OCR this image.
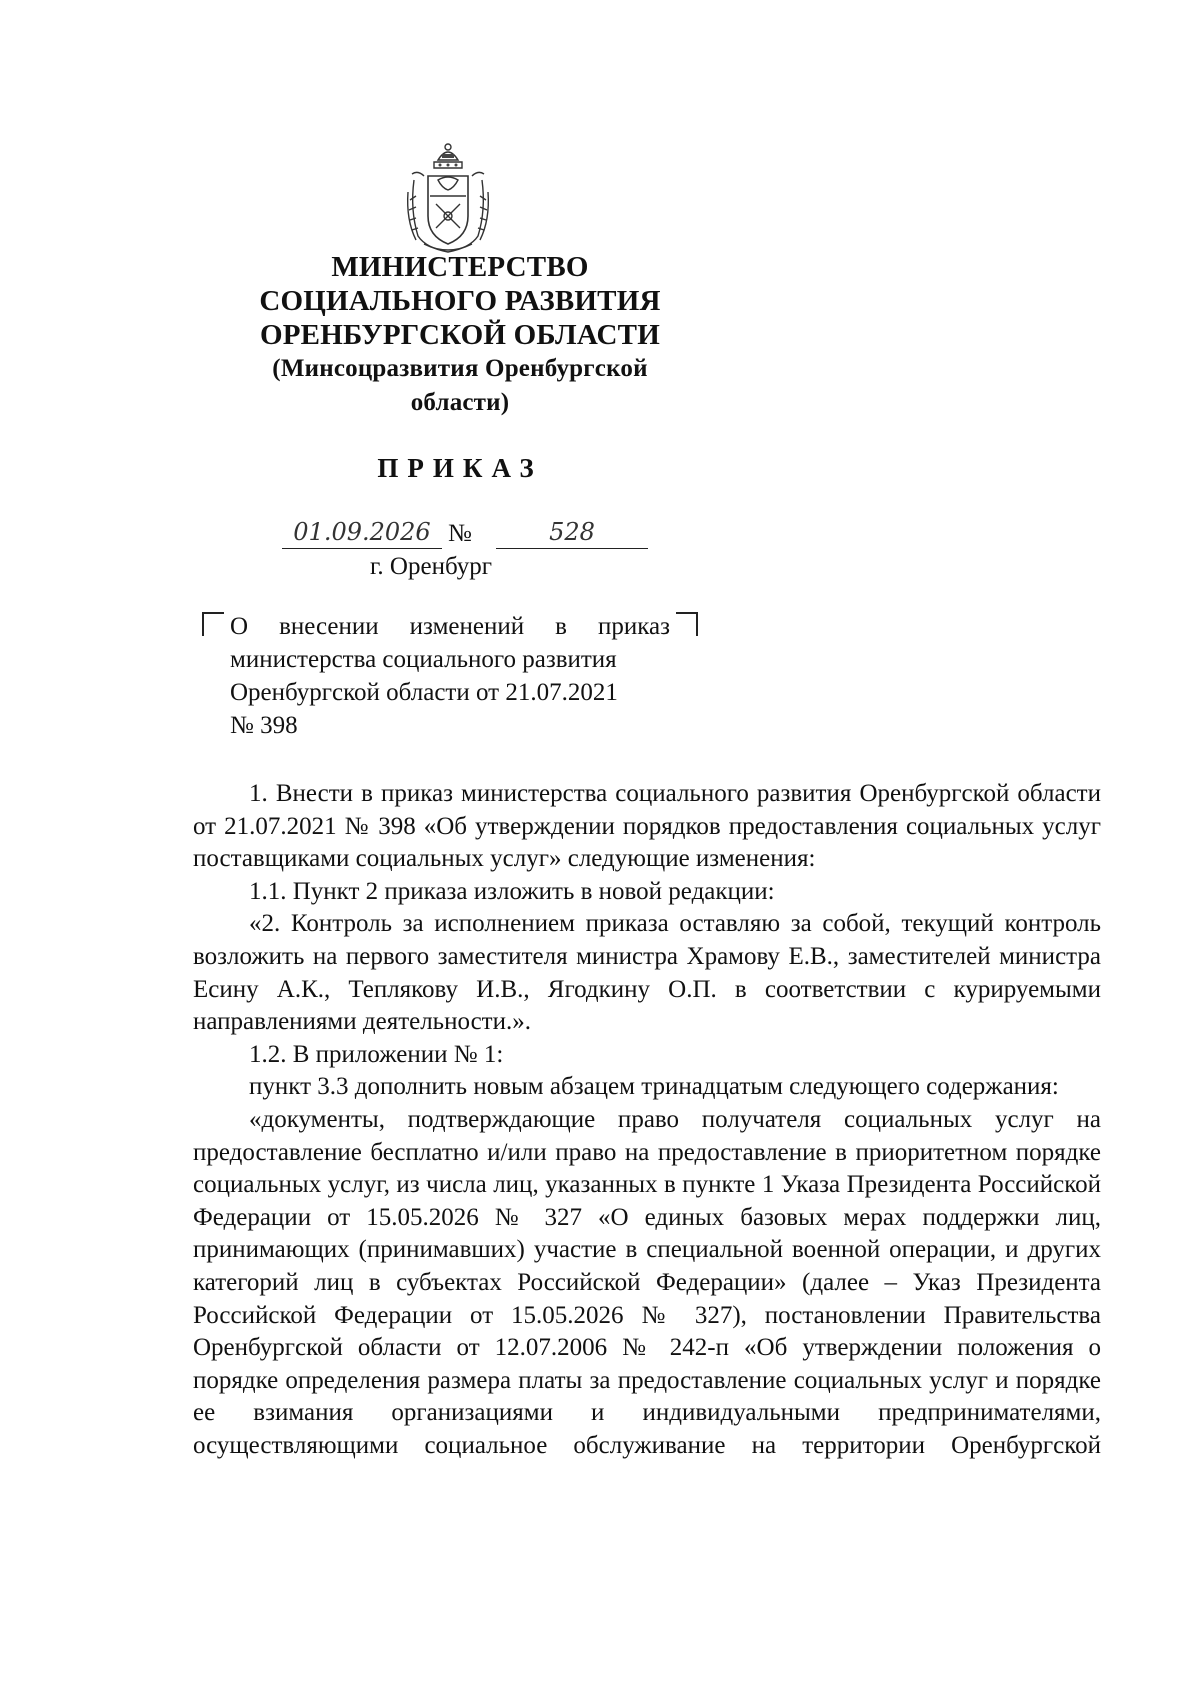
МИНИСТЕРСТВО
СОЦИАЛЬНОГО РАЗВИТИЯ
ОРЕНБУРГСКОЙ ОБЛАСТИ
(Минсоцразвития Оренбургской
области)
ПРИКАЗ
01.09.2026 №	528
г. Оренбург
О внесении изменений в приказ
министерства социального развития
Оренбургской области от 21.07.2021
№ 398

1. Внести в приказ министерства социального развития Оренбургской области от 21.07.2021 № 398 «Об утверждении порядков предоставления социальных услуг поставщиками социальных услуг» следующие изменения:

1.1. Пункт 2 приказа изложить в новой редакции:

«2. Контроль за исполнением приказа оставляю за собой, текущий контроль возложить на первого заместителя министра Храмову Е.В., заместителей министра Есину А.К., Теплякову И.В., Ягодкину О.П. в соответствии с курируемыми направлениями деятельности.».

1.2. В приложении № 1:

пункт 3.3 дополнить новым абзацем тринадцатым следующего содержания:

«документы, подтверждающие право получателя социальных услуг на предоставление бесплатно и/или право на предоставление в приоритетном порядке социальных услуг, из числа лиц, указанных в пункте 1 Указа Президента Российской Федерации от 15.05.2026 № 327 «О единых базовых мерах поддержки лиц, принимающих (принимавших) участие в специальной военной операции, и других категорий лиц в субъектах Российской Федерации» (далее – Указ Президента Российской Федерации от 15.05.2026 № 327), постановлении Правительства Оренбургской области от 12.07.2006 № 242-п «Об утверждении положения о порядке определения размера платы за предоставление социальных услуг и порядке ее взимания организациями и индивидуальными предпринимателями, осуществляющими социальное обслуживание на территории Оренбургской
